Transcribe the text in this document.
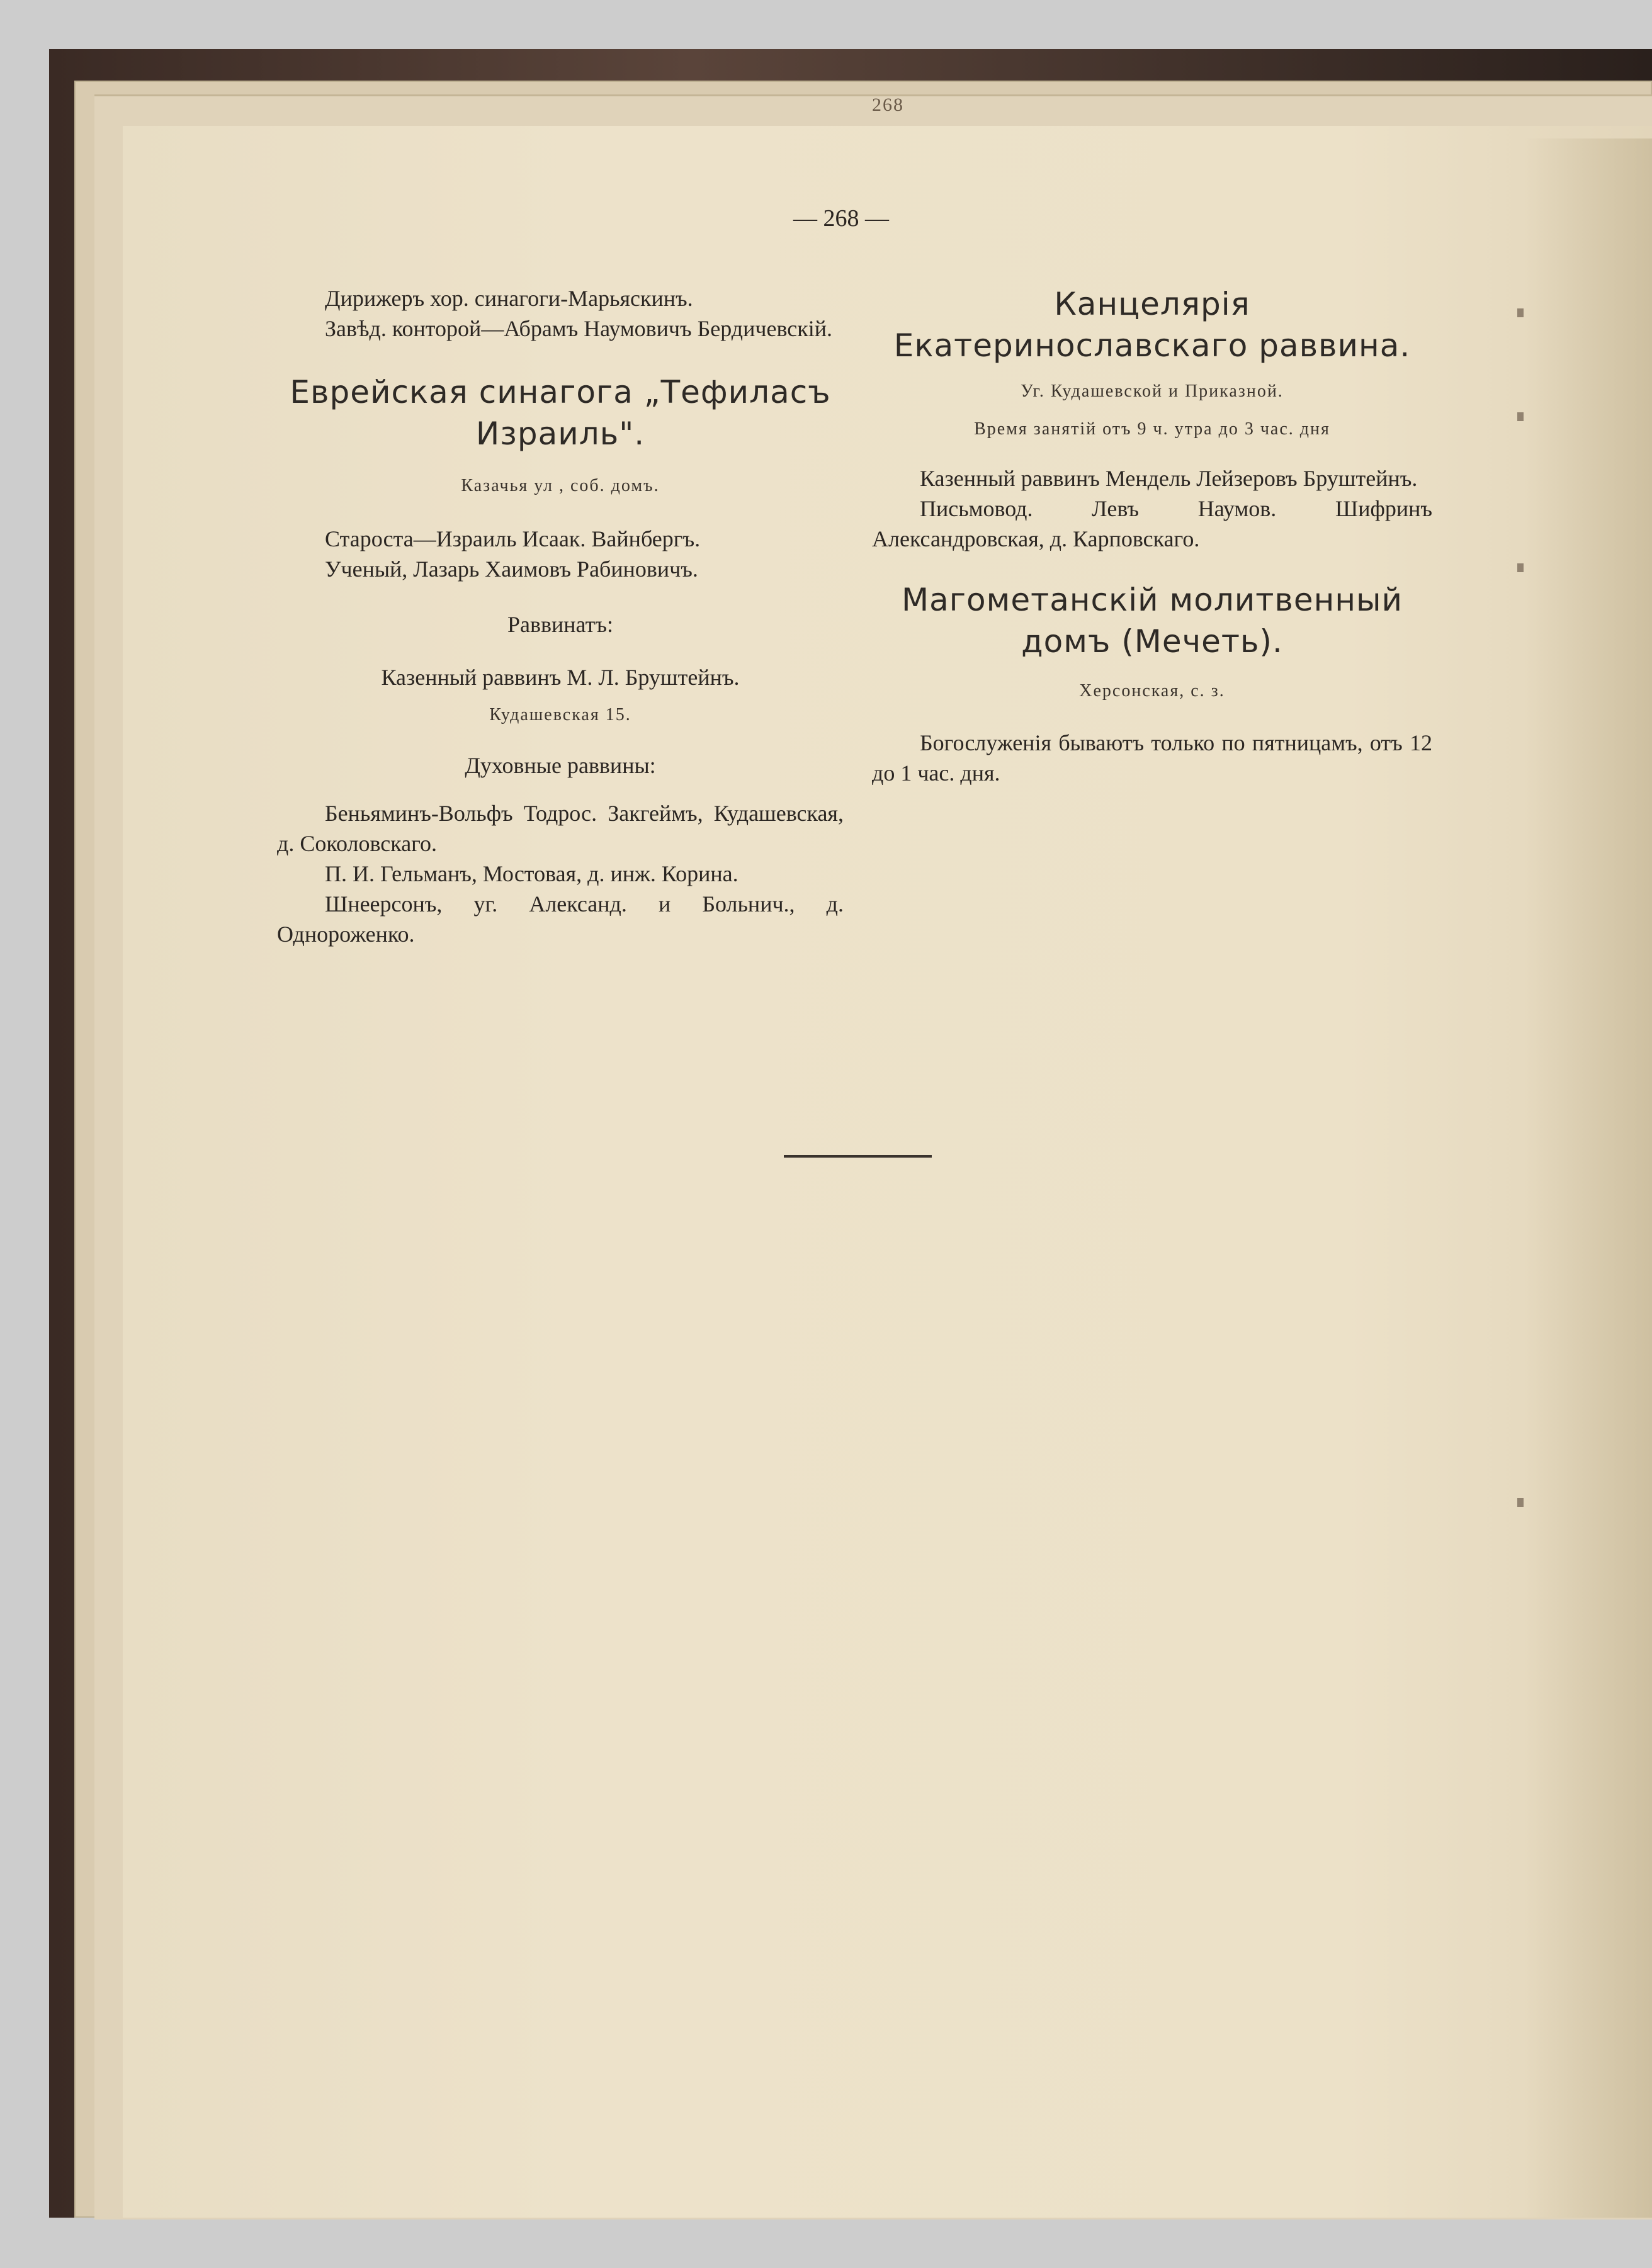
268
— 268 —

Дирижеръ хор. синагоги-Марьяскинъ.

Завѣд. конторой—Абрамъ Наумовичъ Бердичевскій.

Еврейская синагога „Тефиласъ Израиль".

Казачья ул , соб. домъ.

Староста—Израиль Исаак. Вайнбергъ.

Ученый, Лазарь Хаимовъ Рабиновичъ.

Раввинатъ:

Казенный раввинъ М. Л. Бруштейнъ.

Кудашевская 15.

Духовные раввины:

Беньяминъ-Вольфъ Тодрос. Закгеймъ, Кудашевская, д. Соколовскаго.

П. И. Гельманъ, Мостовая, д. инж. Корина.

Шнеерсонъ, уг. Александ. и Больнич., д. Однороженко.

Канцелярія Екатеринославскаго раввина.

Уг. Кудашевской и Приказной.

Время занятій отъ 9 ч. утра до 3 час. дня

Казенный раввинъ Мендель Лейзеровъ Бруштейнъ.

Письмовод. Левъ Наумов. Шифринъ Александровская, д. Карповскаго.

Магометанскій молитвенный домъ (Мечеть).

Херсонская, с. з.

Богослуженія бываютъ только по пятницамъ, отъ 12 до 1 час. дня.
